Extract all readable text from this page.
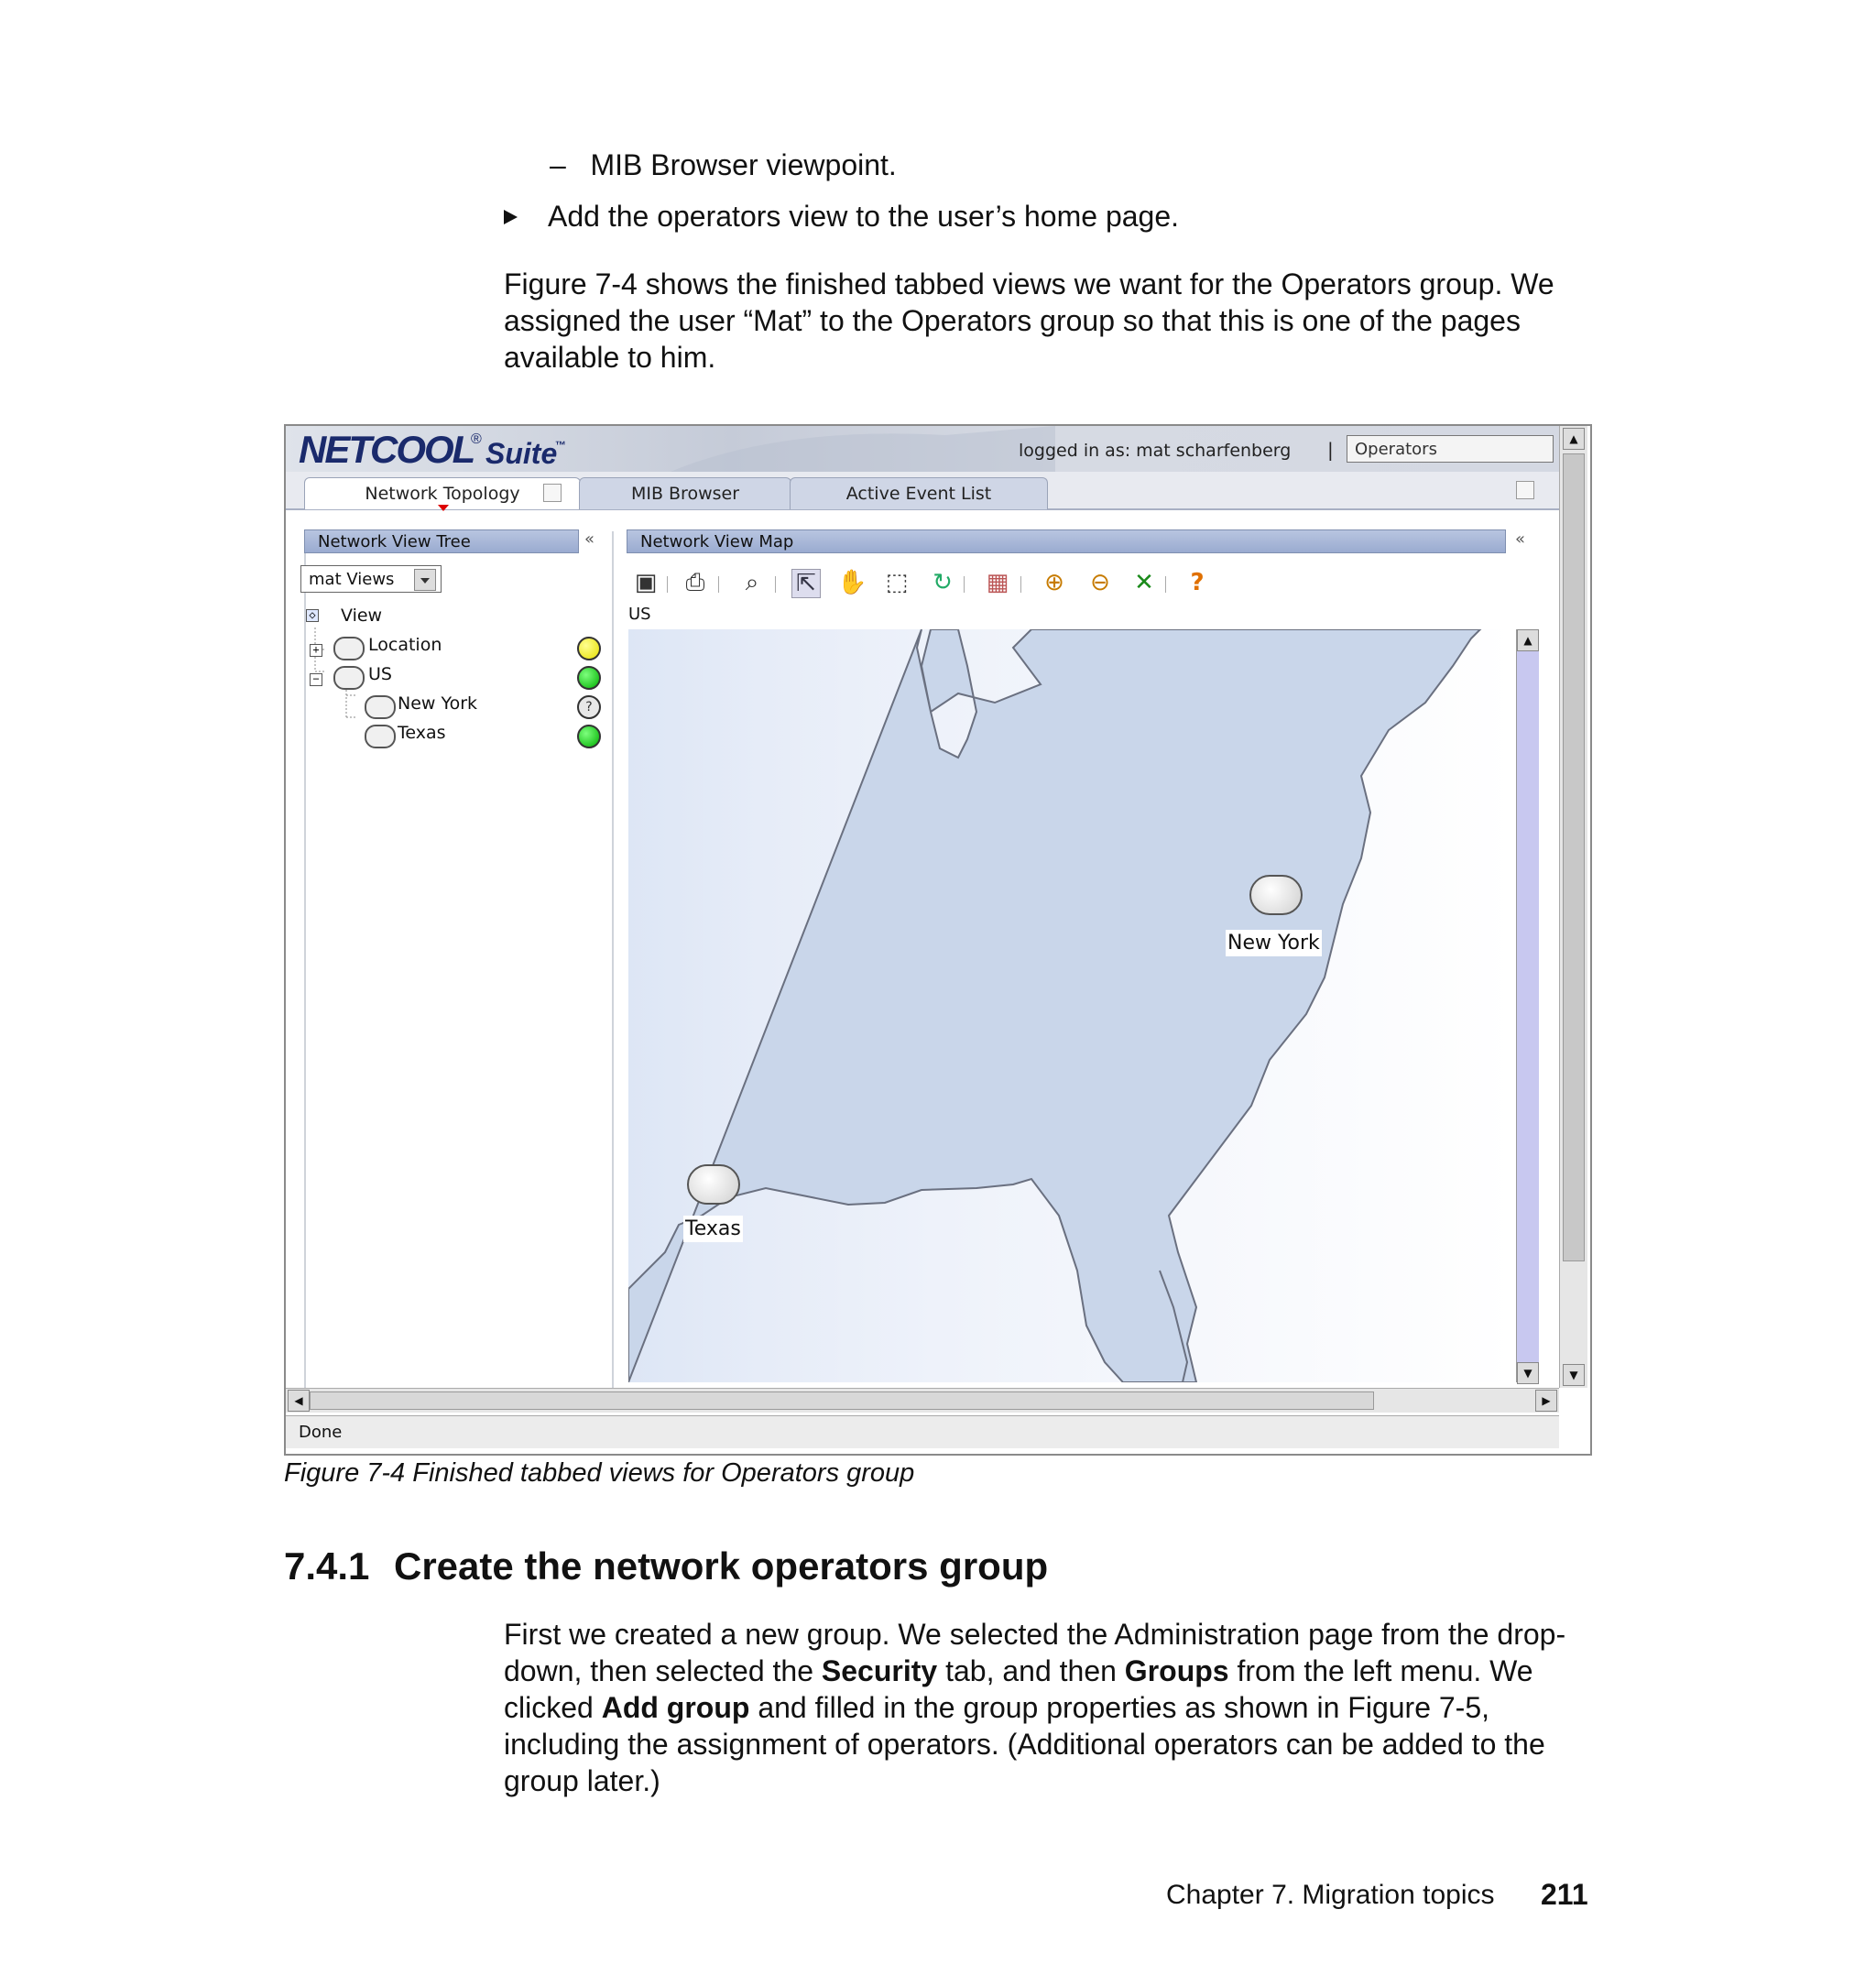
–   MIB Browser viewpoint.
Add the operators view to the user’s home page.
Figure 7-4 shows the finished tabbed views we want for the Operators group. We assigned the user “Mat” to the Operators group so that this is one of the pages available to him.
NETCOOL
® Suite
™	logged in as: mat scharfenberg |	Operators
Network Topology	MIB Browser	Active Event List
Network View Tree	«
mat Views
◇ View
+	Location
−	US
New York
Texas
?
Network View Map	«
▣ ⎙ ⌕ ⇱ ✋ ⬚ ↻ ▦ ⊕ ⊖ ✕ ?
US
New York
Texas
▲
▼
▲
▼
◀	▶
Done
Figure 7-4 Finished tabbed views for Operators group
7.4.1 Create the network operators group
First we created a new group. We selected the Administration page from the drop-down, then selected the Security tab, and then Groups from the left menu. We clicked Add group and filled in the group properties as shown in Figure 7-5, including the assignment of operators. (Additional operators can be added to the group later.)
Chapter 7. Migration topics 211
